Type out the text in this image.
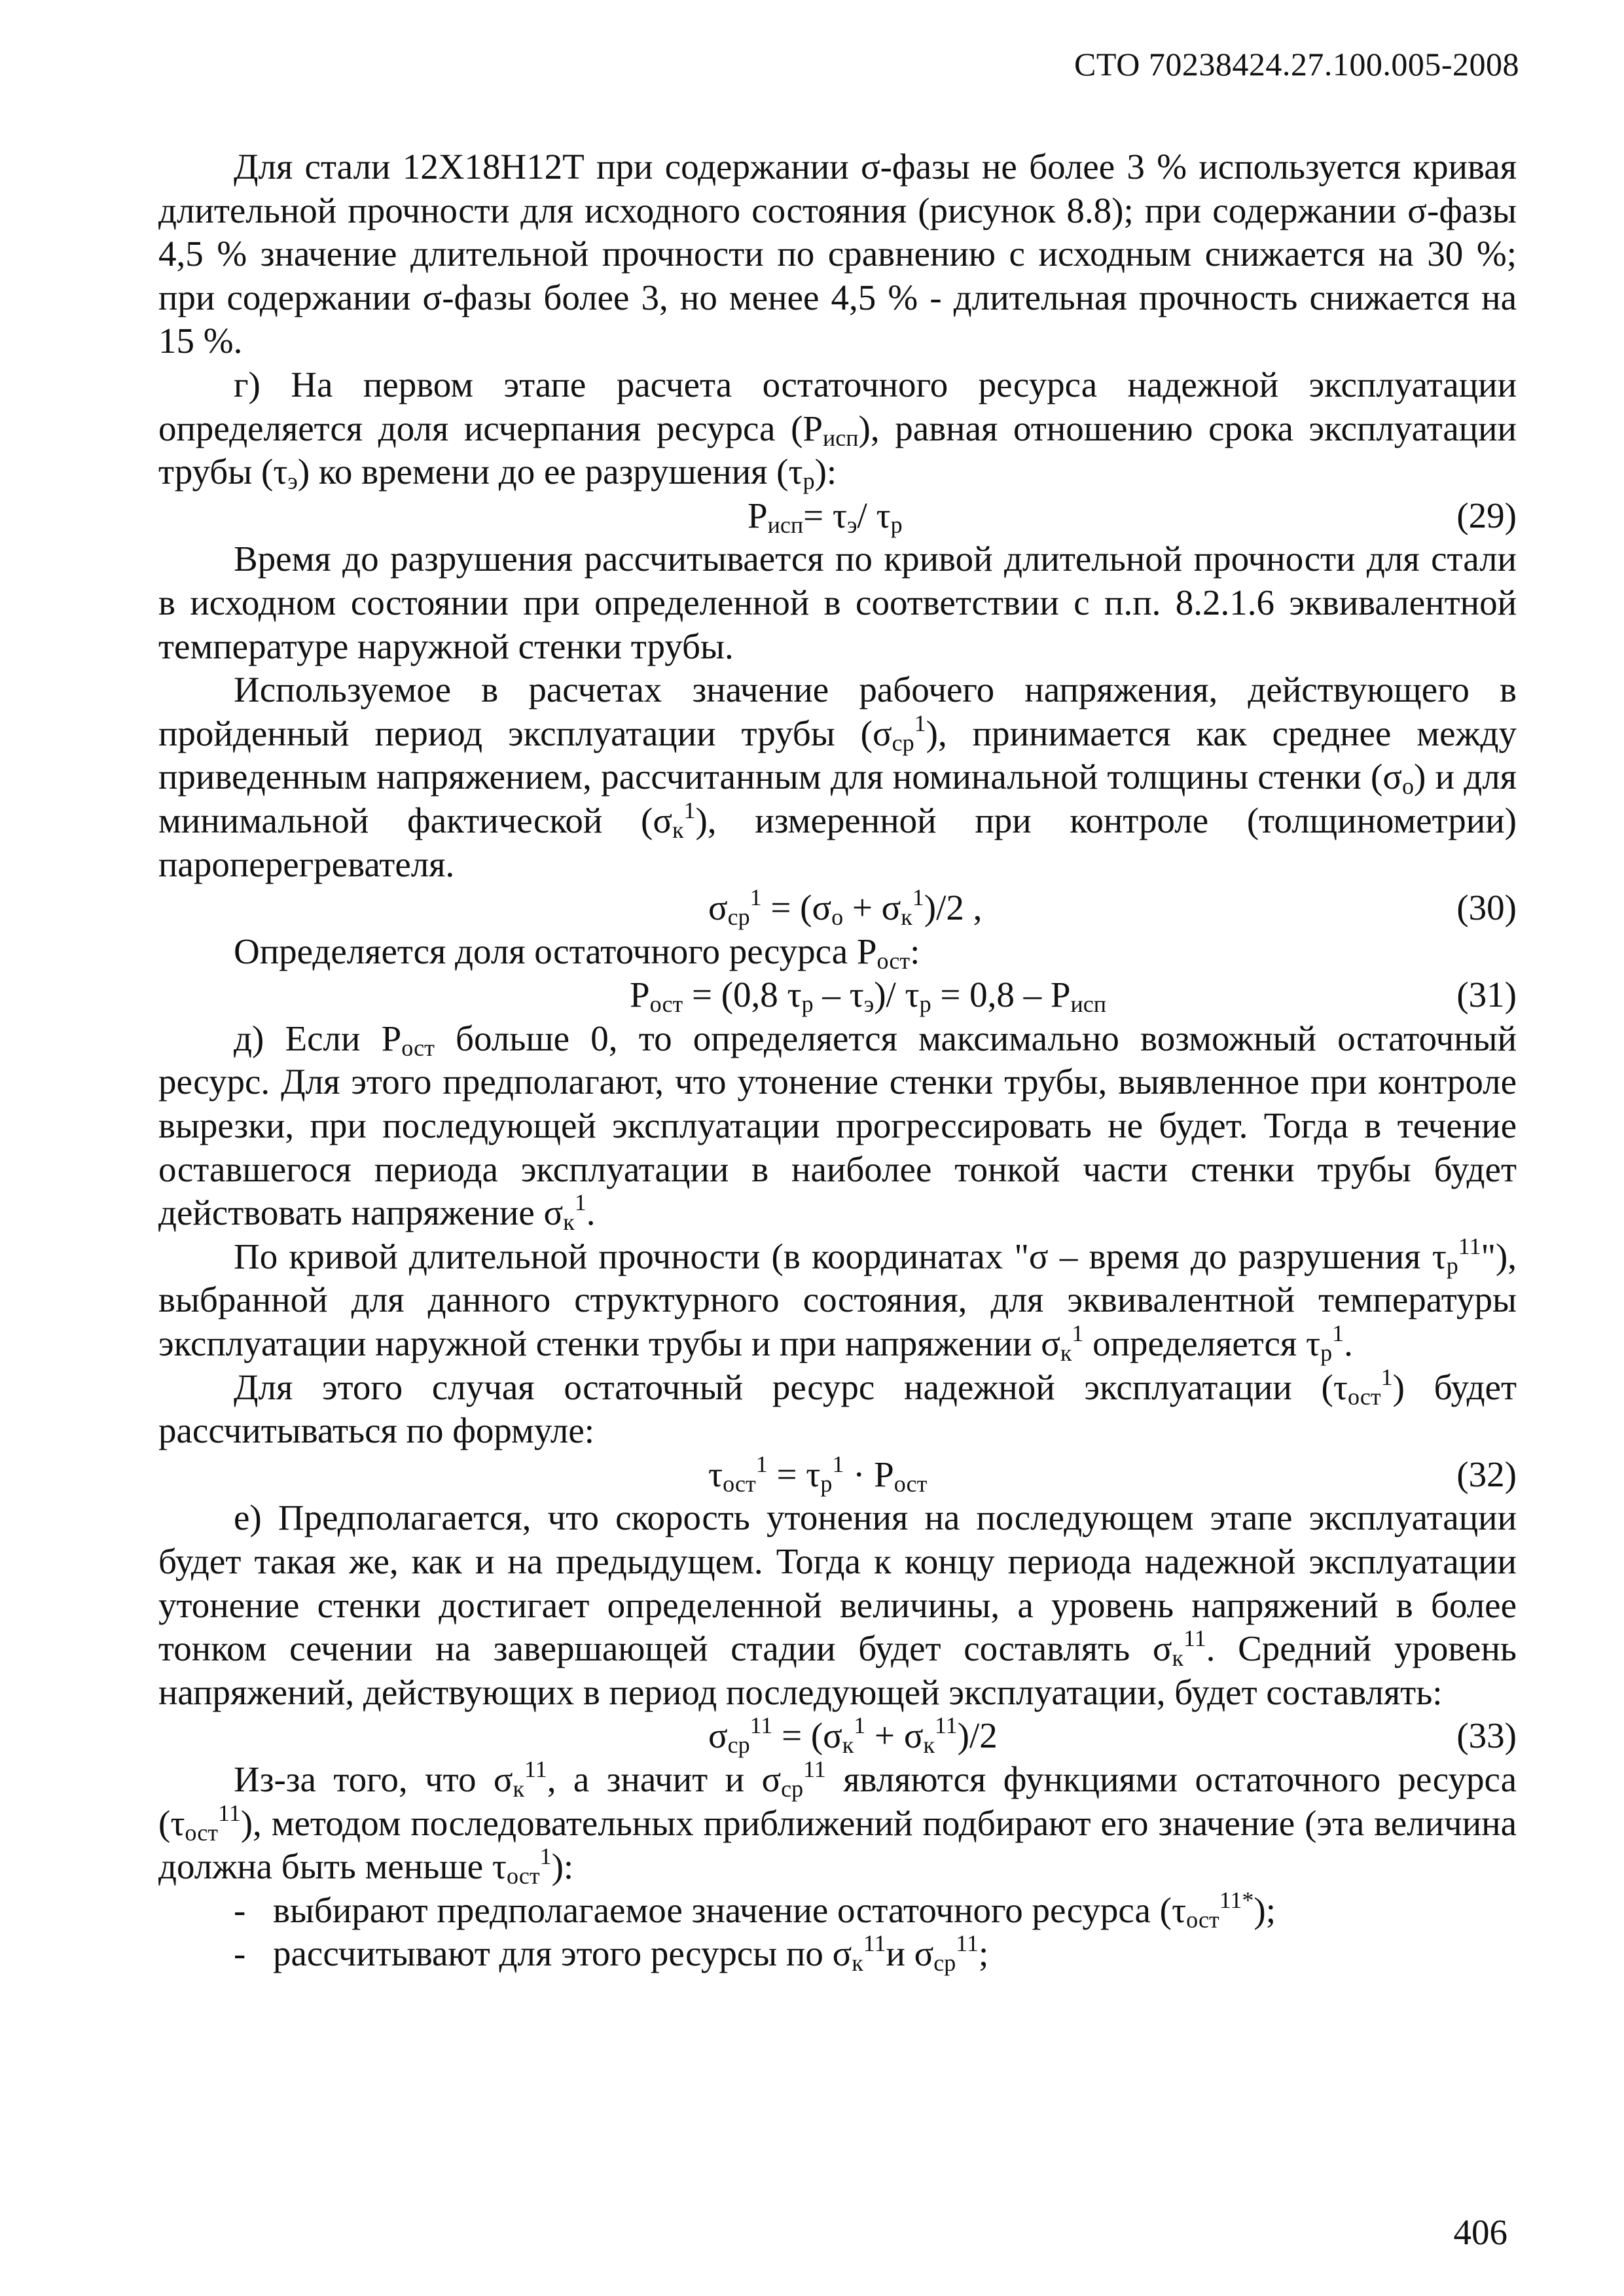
СТО 70238424.27.100.005-2008

Для стали 12Х18Н12Т при содержании σ-фазы не более 3 % используется кривая длительной прочности для исходного состояния (рисунок 8.8); при содержании σ-фазы 4,5 % значение длительной прочности по сравнению с исходным снижается на 30 %; при содержании σ-фазы более 3, но менее 4,5 % - длительная прочность снижается на 15 %.

г) На первом этапе расчета остаточного ресурса надежной эксплуатации определяется доля исчерпания ресурса $(Р_{исп})$, равная отношению срока эксплуатации трубы $(\tau_э)$ ко времени до ее разрушения $(\tau_р)$:

$Р_{исп}= \tau_э/$ $\tau_р$	(29)

Время до разрушения рассчитывается по кривой длительной прочности для стали в исходном состоянии при определенной в соответствии с п.п. 8.2.1.6 эквивалентной температуре наружной стенки трубы.

Используемое в расчетах значение рабочего напряжения, действующего в пройденный период эксплуатации трубы $(\sigma_{ср}^1)$, принимается как среднее между приведенным напряжением, рассчитанным для номинальной толщины стенки $(\sigma_о)$ и для минимальной фактической $(\sigma_к^1)$, измеренной при контроле (толщинометрии) пароперегревателя.

$\sigma_{ср}^1 = (\sigma_о + \sigma_к^1)/2$ ,	(30)

Определяется доля остаточного ресурса $Р_{ост}$:

$Р_{ост} = (0,8$ $\tau_р - \tau_э)/$ $\tau_р = 0,8 - Р_{исп}$	(31)

д) Если $Р_{ост}$ больше 0, то определяется максимально возможный остаточный ресурс. Для этого предполагают, что утонение стенки трубы, выявленное при контроле вырезки, при последующей эксплуатации прогрессировать не будет. Тогда в течение оставшегося периода эксплуатации в наиболее тонкой части стенки трубы будет действовать напряжение $\sigma_к^1$.

По кривой длительной прочности (в координатах "σ – время до разрушения $\tau_р^{11}$"), выбранной для данного структурного состояния, для эквивалентной температуры эксплуатации наружной стенки трубы и при напряжении $\sigma_к^1$ определяется $\tau_р^1$.

Для этого случая остаточный ресурс надежной эксплуатации $(\tau_{ост}^1)$ будет рассчитываться по формуле:

$\tau_{ост}^1 = \tau_р^1 \cdot Р_{ост}$	(32)

е) Предполагается, что скорость утонения на последующем этапе эксплуатации будет такая же, как и на предыдущем. Тогда к концу периода надежной эксплуатации утонение стенки достигает определенной величины, а уровень напряжений в более тонком сечении на завершающей стадии будет составлять $\sigma_к^{11}$. Средний уровень напряжений, действующих в период последующей эксплуатации, будет составлять:

$\sigma_{ср}^{11} = (\sigma_к^1 + \sigma_к^{11})/2$	(33)

Из-за того, что $\sigma_к^{11}$, а значит и $\sigma_{ср}^{11}$ являются функциями остаточного ресурса $(\tau_{ост}^{11})$, методом последовательных приближений подбирают его значение (эта величина должна быть меньше $\tau_{ост}^1$):

- выбирают предполагаемое значение остаточного ресурса $(\tau_{ост}^{11*})$;
- рассчитывают для этого ресурсы по $\sigma_к^{11}и$ $\sigma_{ср}^{11}$;
406
